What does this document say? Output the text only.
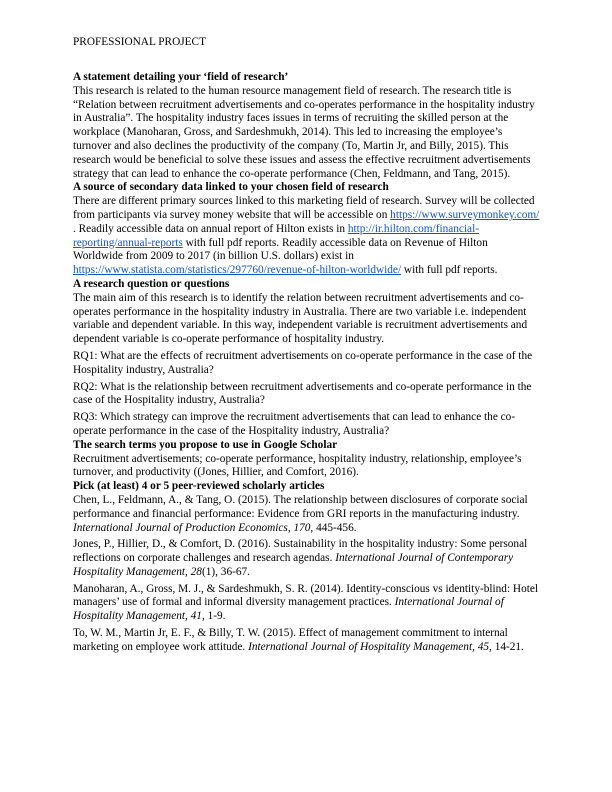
PROFESSIONAL PROJECT

A statement detailing your ‘field of research’

This research is related to the human resource management field of research. The research title is “Relation between recruitment advertisements and co-operates performance in the hospitality industry in Australia”. The hospitality industry faces issues in terms of recruiting the skilled person at the workplace (Manoharan, Gross, and Sardeshmukh, 2014). This led to increasing the employee’s turnover and also declines the productivity of the company (To, Martin Jr, and Billy, 2015). This research would be beneficial to solve these issues and assess the effective recruitment advertisements strategy that can lead to enhance the co-operate performance (Chen, Feldmann, and Tang, 2015).

A source of secondary data linked to your chosen field of research

There are different primary sources linked to this marketing field of research. Survey will be collected from participants via survey money website that will be accessible on https://www.surveymonkey.com/ . Readily accessible data on annual report of Hilton exists in http://ir.hilton.com/financial-reporting/annual-reports with full pdf reports. Readily accessible data on Revenue of Hilton Worldwide from 2009 to 2017 (in billion U.S. dollars) exist in https://www.statista.com/statistics/297760/revenue-of-hilton-worldwide/ with full pdf reports.

A research question or questions

The main aim of this research is to identify the relation between recruitment advertisements and co-operates performance in the hospitality industry in Australia. There are two variable i.e. independent variable and dependent variable. In this way, independent variable is recruitment advertisements and dependent variable is co-operate performance of hospitality industry.

RQ1: What are the effects of recruitment advertisements on co-operate performance in the case of the Hospitality industry, Australia?

RQ2: What is the relationship between recruitment advertisements and co-operate performance in the case of the Hospitality industry, Australia?

RQ3: Which strategy can improve the recruitment advertisements that can lead to enhance the co-operate performance in the case of the Hospitality industry, Australia?

The search terms you propose to use in Google Scholar

Recruitment advertisements; co-operate performance, hospitality industry, relationship, employee’s turnover, and productivity ((Jones, Hillier, and Comfort, 2016).

Pick (at least) 4 or 5 peer-reviewed scholarly articles

Chen, L., Feldmann, A., & Tang, O. (2015). The relationship between disclosures of corporate social performance and financial performance: Evidence from GRI reports in the manufacturing industry. International Journal of Production Economics, 170, 445-456.

Jones, P., Hillier, D., & Comfort, D. (2016). Sustainability in the hospitality industry: Some personal reflections on corporate challenges and research agendas. International Journal of Contemporary Hospitality Management, 28(1), 36-67.

Manoharan, A., Gross, M. J., & Sardeshmukh, S. R. (2014). Identity-conscious vs identity-blind: Hotel managers’ use of formal and informal diversity management practices. International Journal of Hospitality Management, 41, 1-9.

To, W. M., Martin Jr, E. F., & Billy, T. W. (2015). Effect of management commitment to internal marketing on employee work attitude. International Journal of Hospitality Management, 45, 14-21.
